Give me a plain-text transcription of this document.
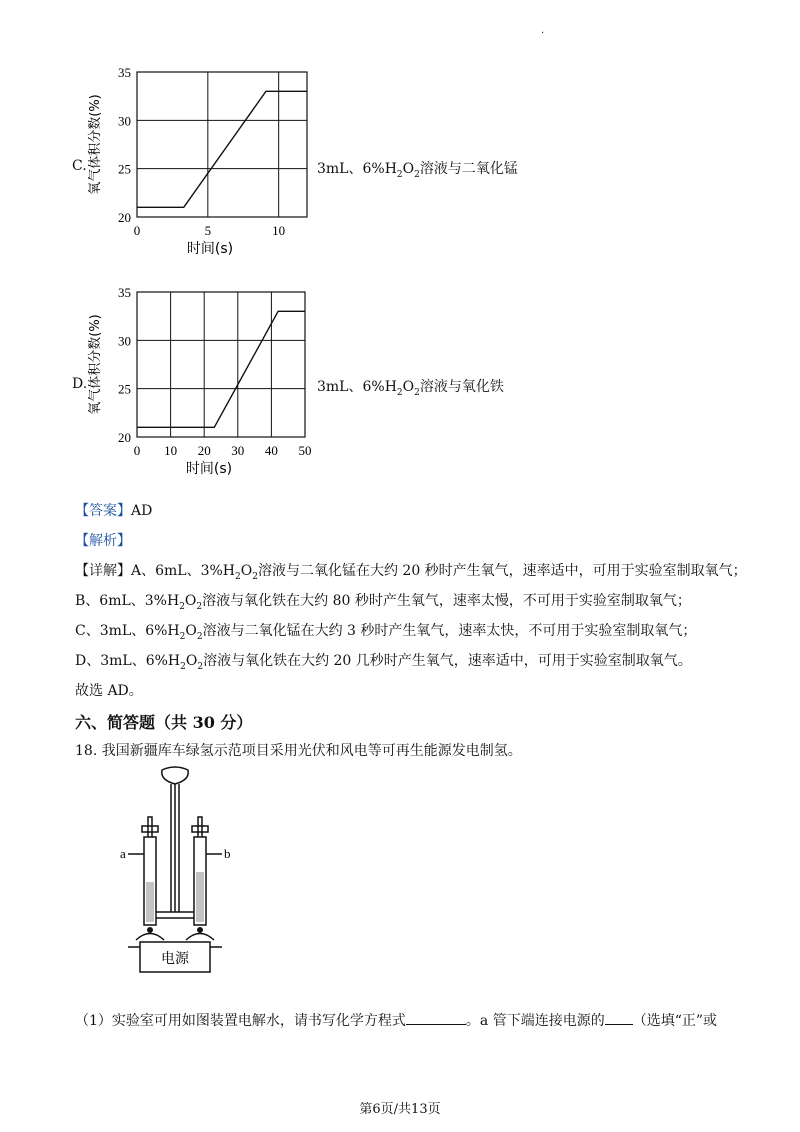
·
C.
20
25
30
35
0	5	10
时间(s)
氧气体积分数(%)	3mL、$6\%H_2O_2$溶液与二氧化锰
D.
20
25
30
35
0 10 20 30 40 50
时间(s)
氧气体积分数(%)	3mL、$6\%H_2O_2$溶液与氧化铁
【答案】AD
【解析】
【详解】A、6mL、$3\%H_2O_2$溶液与二氧化锰在大约 20 秒时产生氧气，速率适中，可用于实验室制取氧气；
B、6mL、$3\%H_2O_2$溶液与氧化铁在大约 80 秒时产生氧气，速率太慢，不可用于实验室制取氧气；
C、3mL、$6\%H_2O_2$溶液与二氧化锰在大约 3 秒时产生氧气，速率太快，不可用于实验室制取氧气；
D、3mL、$6\%H_2O_2$溶液与氧化铁在大约 20 几秒时产生氧气，速率适中，可用于实验室制取氧气。
故选 AD。
六、简答题（共 30 分）
18. 我国新疆库车绿氢示范项目采用光伏和风电等可再生能源发电制氢。
a	b
电源
（1）实验室可用如图装置电解水，请书写化学方程式	。a 管下端连接电源的 （选填“正”或
第6页/共13页
